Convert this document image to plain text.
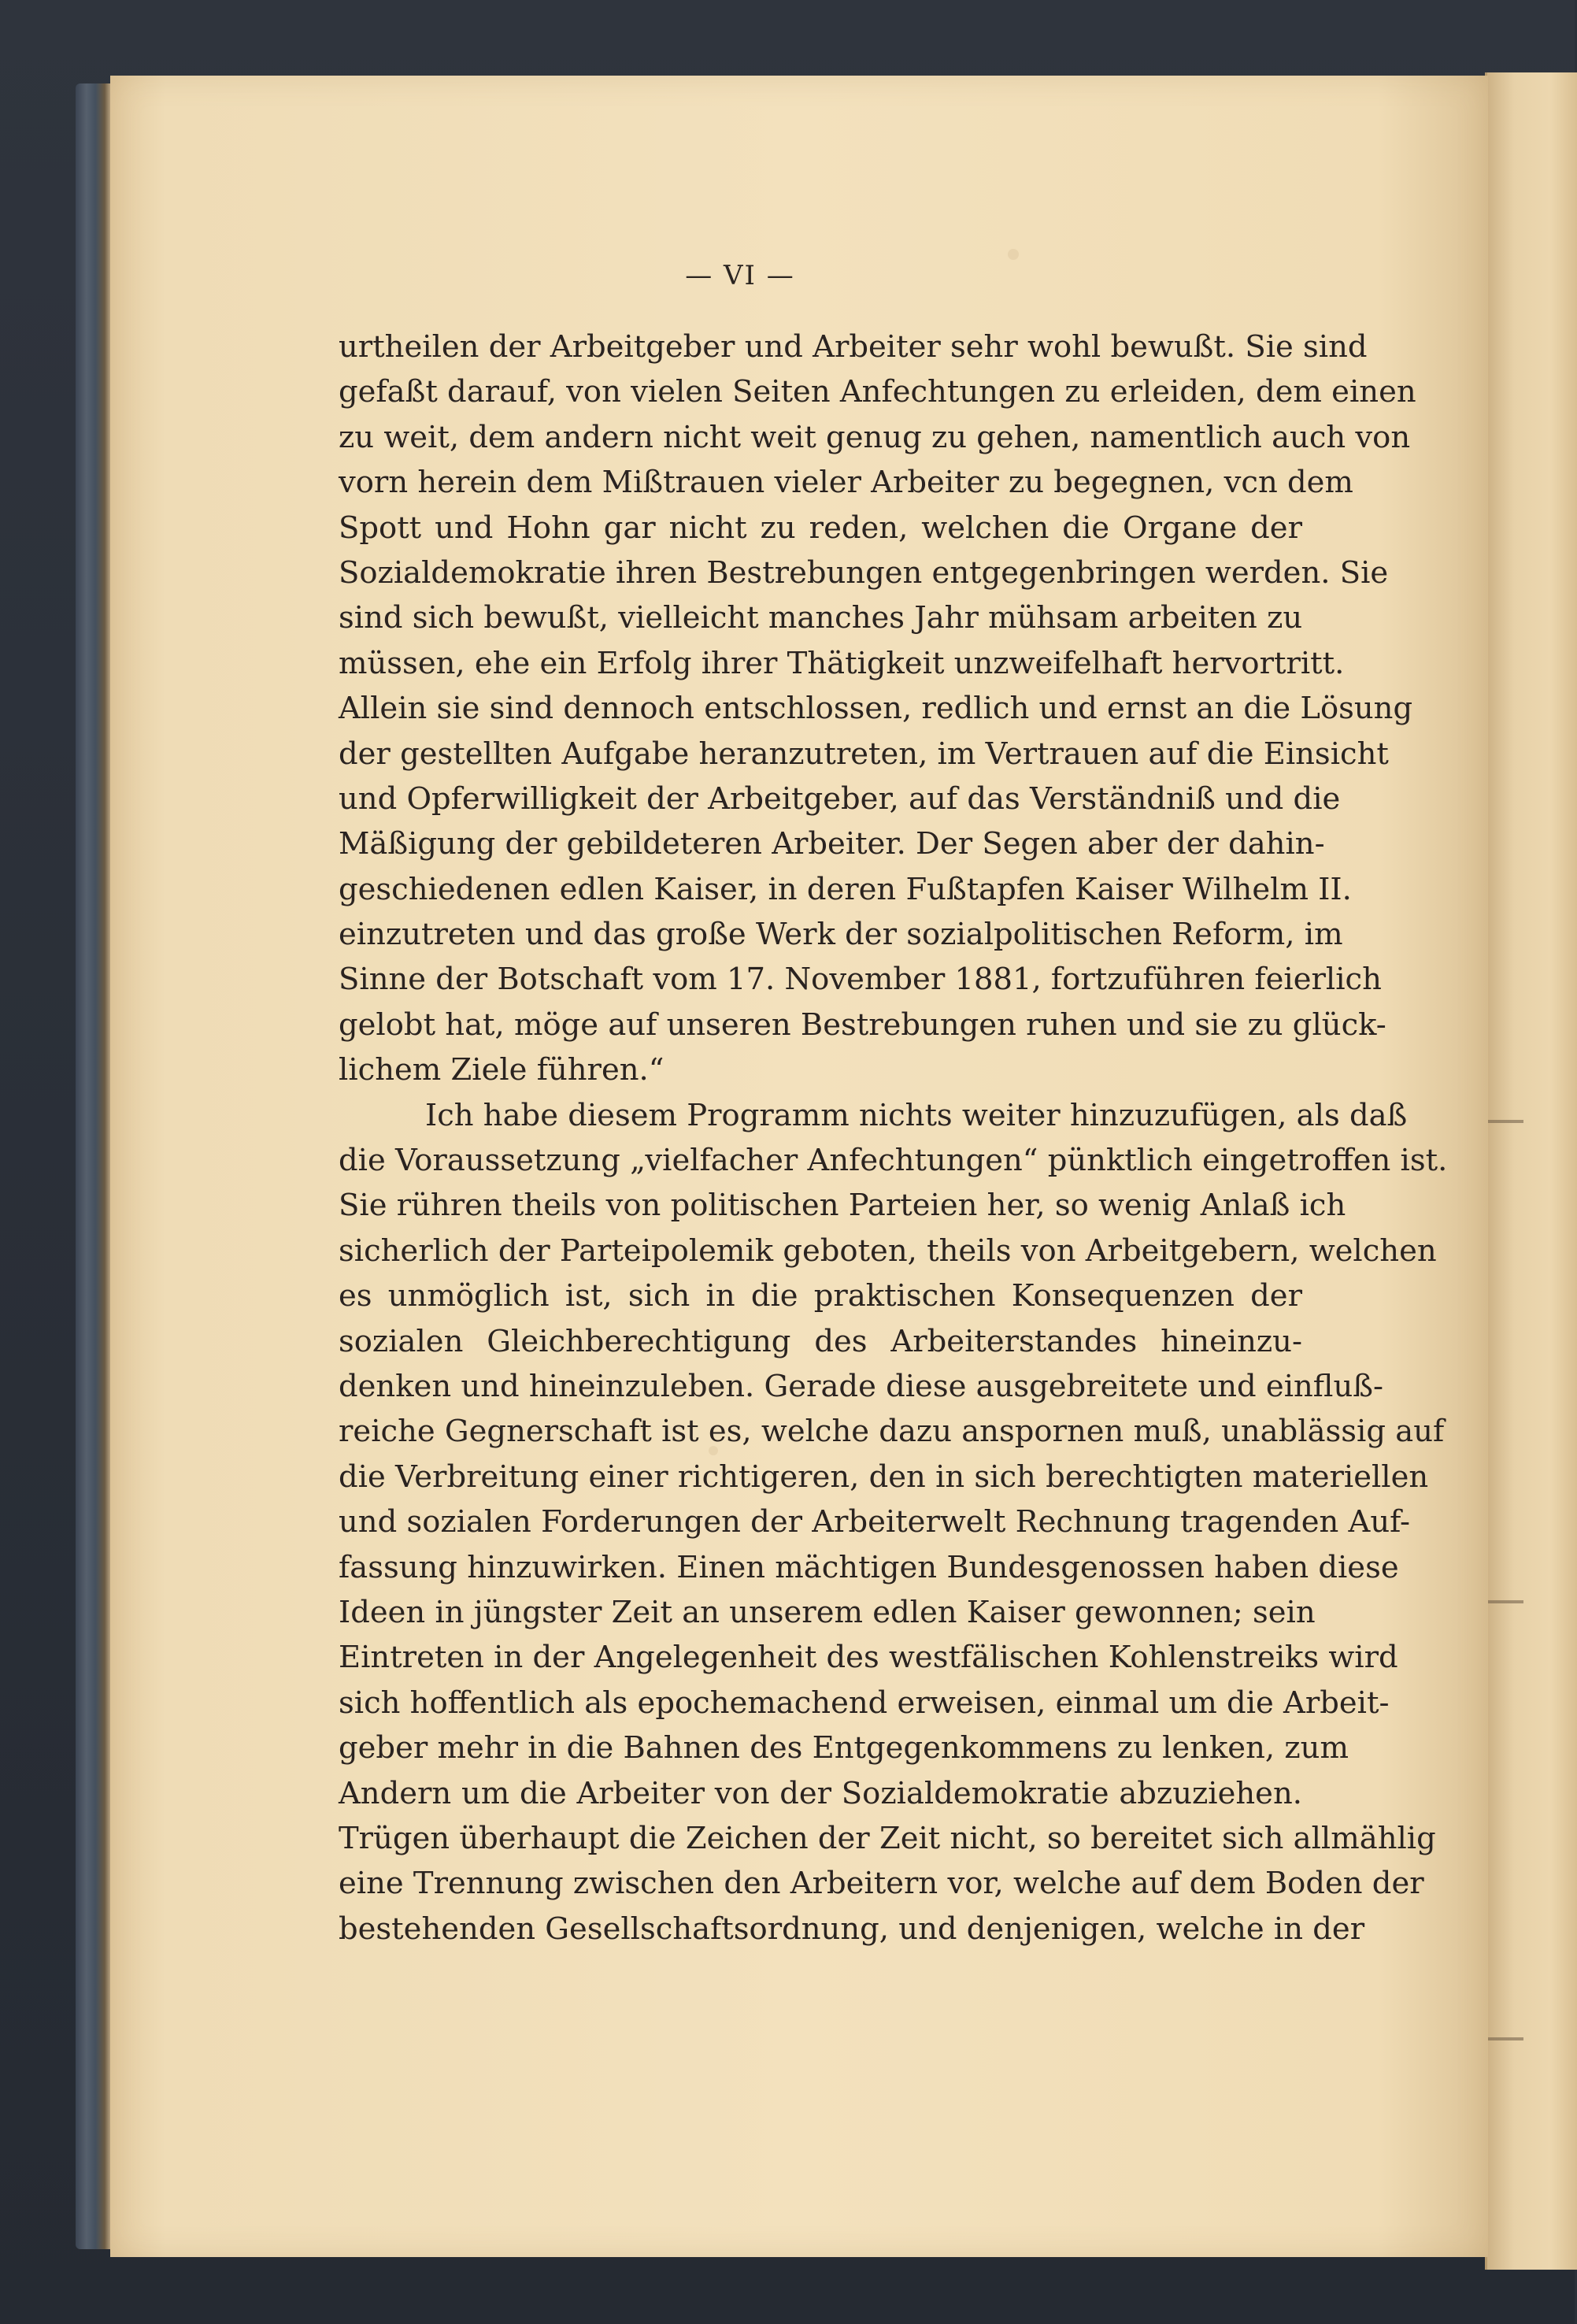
— VI —
urtheilen der Arbeitgeber und Arbeiter sehr wohl bewußt. Sie sind
gefaßt darauf, von vielen Seiten Anfechtungen zu erleiden, dem einen
zu weit, dem andern nicht weit genug zu gehen, namentlich auch von
vorn herein dem Mißtrauen vieler Arbeiter zu begegnen, vcn dem
Spott und Hohn gar nicht zu reden, welchen die Organe der
Sozialdemokratie ihren Bestrebungen entgegenbringen werden. Sie
sind sich bewußt, vielleicht manches Jahr mühsam arbeiten zu
müssen, ehe ein Erfolg ihrer Thätigkeit unzweifelhaft hervortritt.
Allein sie sind dennoch entschlossen, redlich und ernst an die Lösung
der gestellten Aufgabe heranzutreten, im Vertrauen auf die Einsicht
und Opferwilligkeit der Arbeitgeber, auf das Verständniß und die
Mäßigung der gebildeteren Arbeiter. Der Segen aber der dahin-
geschiedenen edlen Kaiser, in deren Fußtapfen Kaiser Wilhelm II.
einzutreten und das große Werk der sozialpolitischen Reform, im
Sinne der Botschaft vom 17. November 1881, fortzuführen feierlich
gelobt hat, möge auf unseren Bestrebungen ruhen und sie zu glück-
lichem Ziele führen.“
Ich habe diesem Programm nichts weiter hinzuzufügen, als daß
die Voraussetzung „vielfacher Anfechtungen“ pünktlich eingetroffen ist.
Sie rühren theils von politischen Parteien her, so wenig Anlaß ich
sicherlich der Parteipolemik geboten, theils von Arbeitgebern, welchen
es unmöglich ist, sich in die praktischen Konsequenzen der
sozialen Gleichberechtigung des Arbeiterstandes hineinzu-
denken und hineinzuleben. Gerade diese ausgebreitete und einfluß-
reiche Gegnerschaft ist es, welche dazu anspornen muß, unablässig auf
die Verbreitung einer richtigeren, den in sich berechtigten materiellen
und sozialen Forderungen der Arbeiterwelt Rechnung tragenden Auf-
fassung hinzuwirken. Einen mächtigen Bundesgenossen haben diese
Ideen in jüngster Zeit an unserem edlen Kaiser gewonnen; sein
Eintreten in der Angelegenheit des westfälischen Kohlenstreiks wird
sich hoffentlich als epochemachend erweisen, einmal um die Arbeit-
geber mehr in die Bahnen des Entgegenkommens zu lenken, zum
Andern um die Arbeiter von der Sozialdemokratie abzuziehen.
Trügen überhaupt die Zeichen der Zeit nicht, so bereitet sich allmählig
eine Trennung zwischen den Arbeitern vor, welche auf dem Boden der
bestehenden Gesellschaftsordnung, und denjenigen, welche in der
